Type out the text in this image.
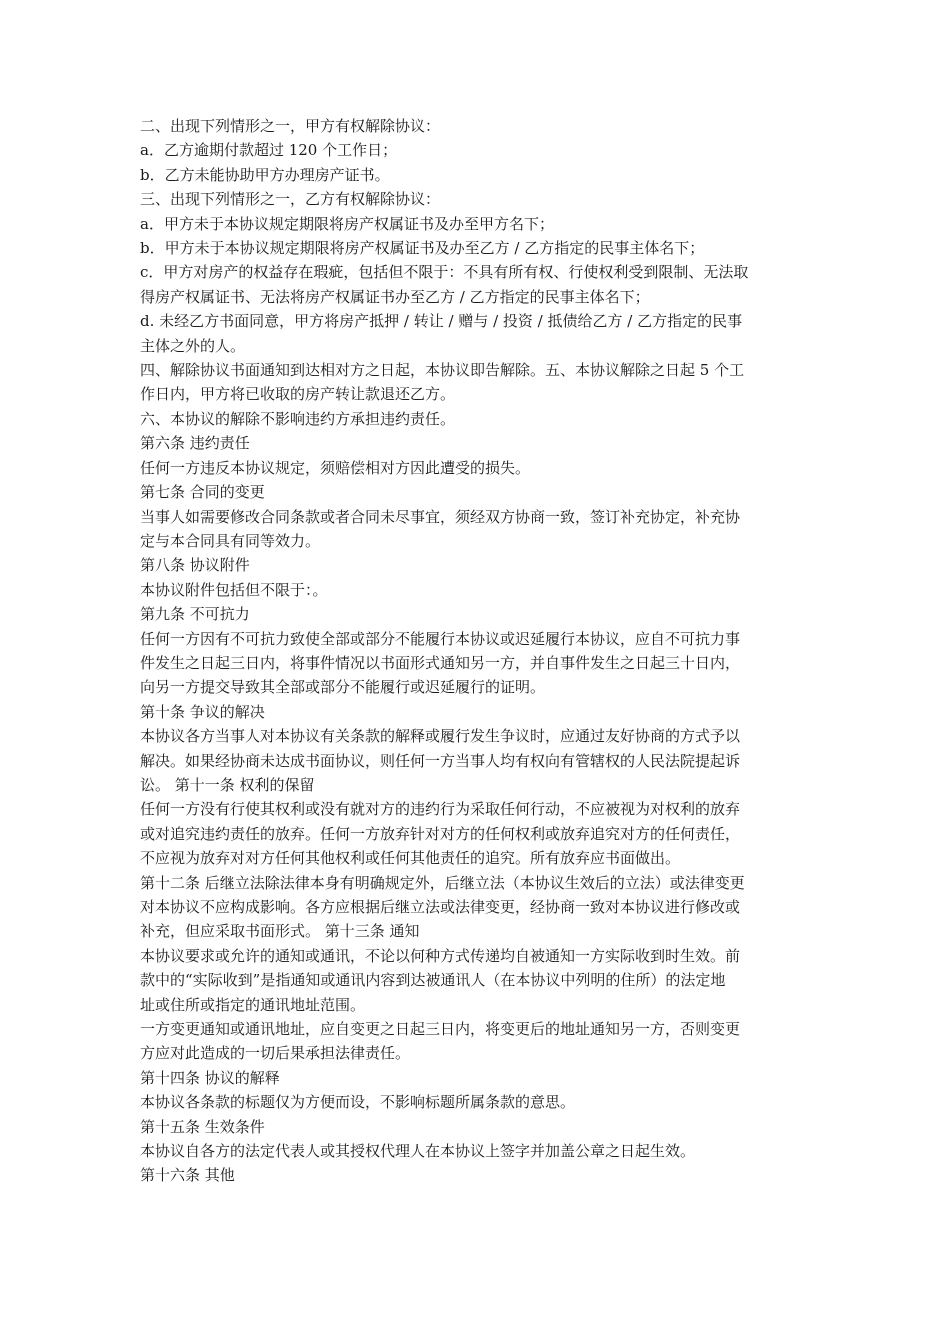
二、出现下列情形之一，甲方有权解除协议：
a．乙方逾期付款超过 120 个工作日；
b．乙方未能协助甲方办理房产证书。
三、出现下列情形之一，乙方有权解除协议：
a．甲方未于本协议规定期限将房产权属证书及办至甲方名下；
b．甲方未于本协议规定期限将房产权属证书及办至乙方 / 乙方指定的民事主体名下；
c．甲方对房产的权益存在瑕疵，包括但不限于：不具有所有权、行使权利受到限制、无法取
得房产权属证书、无法将房产权属证书办至乙方 / 乙方指定的民事主体名下；
d. 未经乙方书面同意，甲方将房产抵押 / 转让 / 赠与 / 投资 / 抵债给乙方 / 乙方指定的民事
主体之外的人。
四、解除协议书面通知到达相对方之日起，本协议即告解除。五、本协议解除之日起 5 个工
作日内，甲方将已收取的房产转让款退还乙方。
六、本协议的解除不影响违约方承担违约责任。
第六条 违约责任
任何一方违反本协议规定，须赔偿相对方因此遭受的损失。
第七条 合同的变更
当事人如需要修改合同条款或者合同未尽事宜，须经双方协商一致，签订补充协定，补充协
定与本合同具有同等效力。
第八条 协议附件
本协议附件包括但不限于：。
第九条 不可抗力
任何一方因有不可抗力致使全部或部分不能履行本协议或迟延履行本协议，应自不可抗力事
件发生之日起三日内，将事件情况以书面形式通知另一方，并自事件发生之日起三十日内，
向另一方提交导致其全部或部分不能履行或迟延履行的证明。
第十条 争议的解决
本协议各方当事人对本协议有关条款的解释或履行发生争议时，应通过友好协商的方式予以
解决。如果经协商未达成书面协议，则任何一方当事人均有权向有管辖权的人民法院提起诉
讼。 第十一条 权利的保留
任何一方没有行使其权利或没有就对方的违约行为采取任何行动，不应被视为对权利的放弃
或对追究违约责任的放弃。任何一方放弃针对对方的任何权利或放弃追究对方的任何责任，
不应视为放弃对对方任何其他权利或任何其他责任的追究。所有放弃应书面做出。
第十二条 后继立法除法律本身有明确规定外，后继立法（本协议生效后的立法）或法律变更
对本协议不应构成影响。各方应根据后继立法或法律变更，经协商一致对本协议进行修改或
补充，但应采取书面形式。 第十三条 通知
本协议要求或允许的通知或通讯，不论以何种方式传递均自被通知一方实际收到时生效。前
款中的“实际收到”是指通知或通讯内容到达被通讯人（在本协议中列明的住所）的法定地
址或住所或指定的通讯地址范围。
一方变更通知或通讯地址，应自变更之日起三日内，将变更后的地址通知另一方，否则变更
方应对此造成的一切后果承担法律责任。
第十四条 协议的解释
本协议各条款的标题仅为方便而设，不影响标题所属条款的意思。
第十五条 生效条件
本协议自各方的法定代表人或其授权代理人在本协议上签字并加盖公章之日起生效。
第十六条 其他
